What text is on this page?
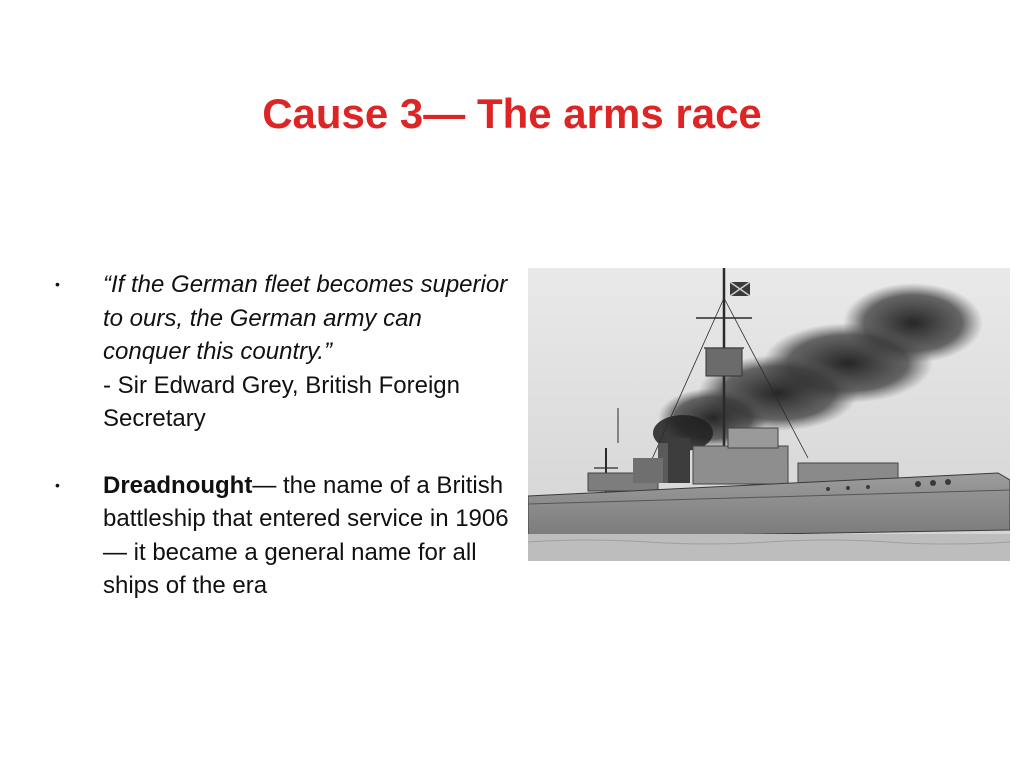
Cause 3— The arms race
• “If the German fleet becomes superior to ours, the German army can conquer this country.”
- Sir Edward Grey, British Foreign Secretary
• Dreadnought— the name of a British battleship that entered service in 1906 — it became a general name for all ships of the era
